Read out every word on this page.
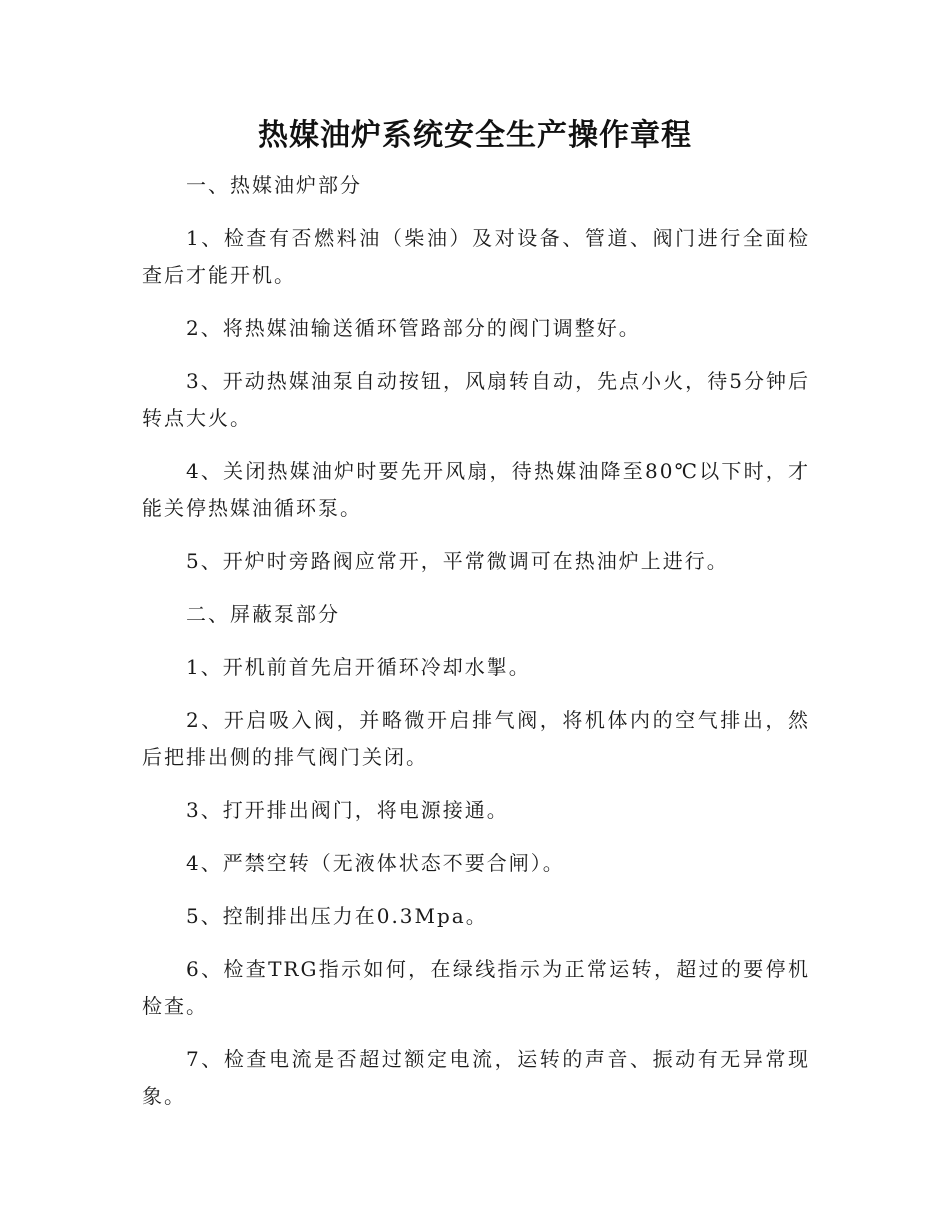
热媒油炉系统安全生产操作章程

一、热媒油炉部分

1、检查有否燃料油（柴油）及对设备、管道、阀门进行全面检查后才能开机。

2、将热媒油输送循环管路部分的阀门调整好。

3、开动热媒油泵自动按钮，风扇转自动，先点小火，待5分钟后转点大火。

4、关闭热媒油炉时要先开风扇，待热媒油降至80℃以下时，才能关停热媒油循环泵。

5、开炉时旁路阀应常开，平常微调可在热油炉上进行。

二、屏蔽泵部分

1、开机前首先启开循环冷却水掣。

2、开启吸入阀，并略微开启排气阀，将机体内的空气排出，然后把排出侧的排气阀门关闭。

3、打开排出阀门，将电源接通。

4、严禁空转（无液体状态不要合闸）。

5、控制排出压力在0.3Mpa。

6、检查TRG指示如何，在绿线指示为正常运转，超过的要停机检查。

7、检查电流是否超过额定电流，运转的声音、振动有无异常现象。
